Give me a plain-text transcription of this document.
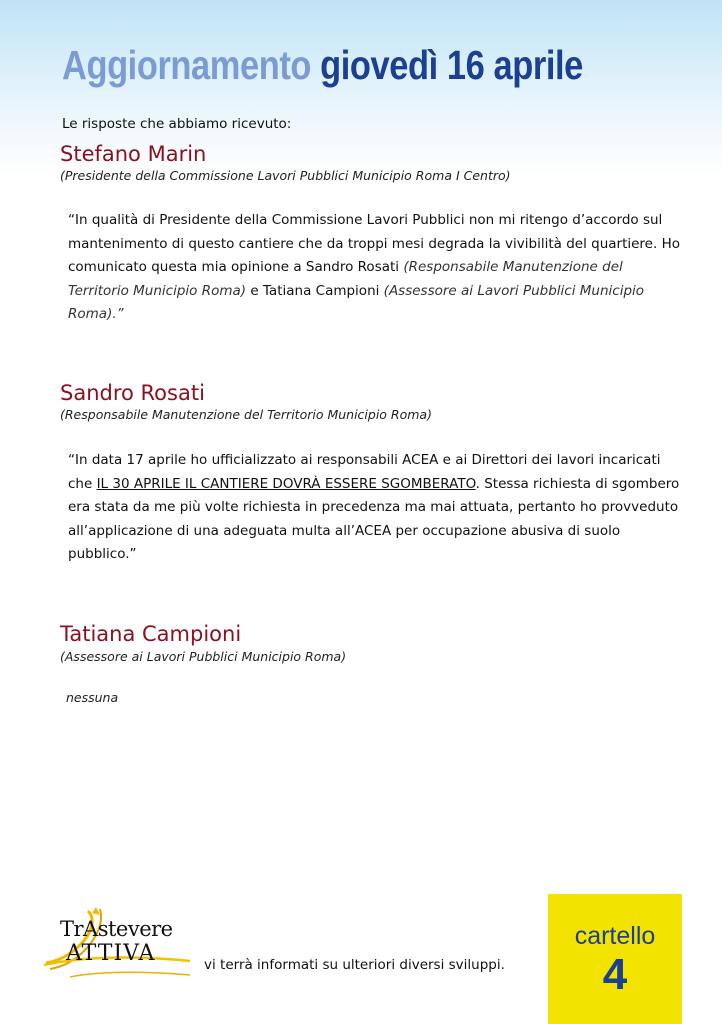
Aggiornamento giovedì 16 aprile
Le risposte che abbiamo ricevuto:
Stefano Marin
(Presidente della Commissione Lavori Pubblici Municipio Roma I Centro)
“In qualità di Presidente della Commissione Lavori Pubblici non mi ritengo d’accordo sul mantenimento di questo cantiere che da troppi mesi degrada la vivibilità del quartiere. Ho comunicato questa mia opinione a Sandro Rosati (Responsabile Manutenzione del Territorio Municipio Roma) e Tatiana Campioni (Assessore ai Lavori Pubblici Municipio Roma).”
Sandro Rosati
(Responsabile Manutenzione del Territorio Municipio Roma)
“In data 17 aprile ho ufficializzato ai responsabili ACEA e ai Direttori dei lavori incaricati che IL 30 APRILE IL CANTIERE DOVRÀ ESSERE SGOMBERATO. Stessa richiesta di sgombero era stata da me più volte richiesta in precedenza ma mai attuata, pertanto ho provveduto all’applicazione di una adeguata multa all’ACEA per occupazione abusiva di suolo pubblico.”
Tatiana Campioni
(Assessore ai Lavori Pubblici Municipio Roma)
nessuna
TrAstevere
ATTIVA	vi terrà informati su ulteriori diversi sviluppi.
cartello
4
